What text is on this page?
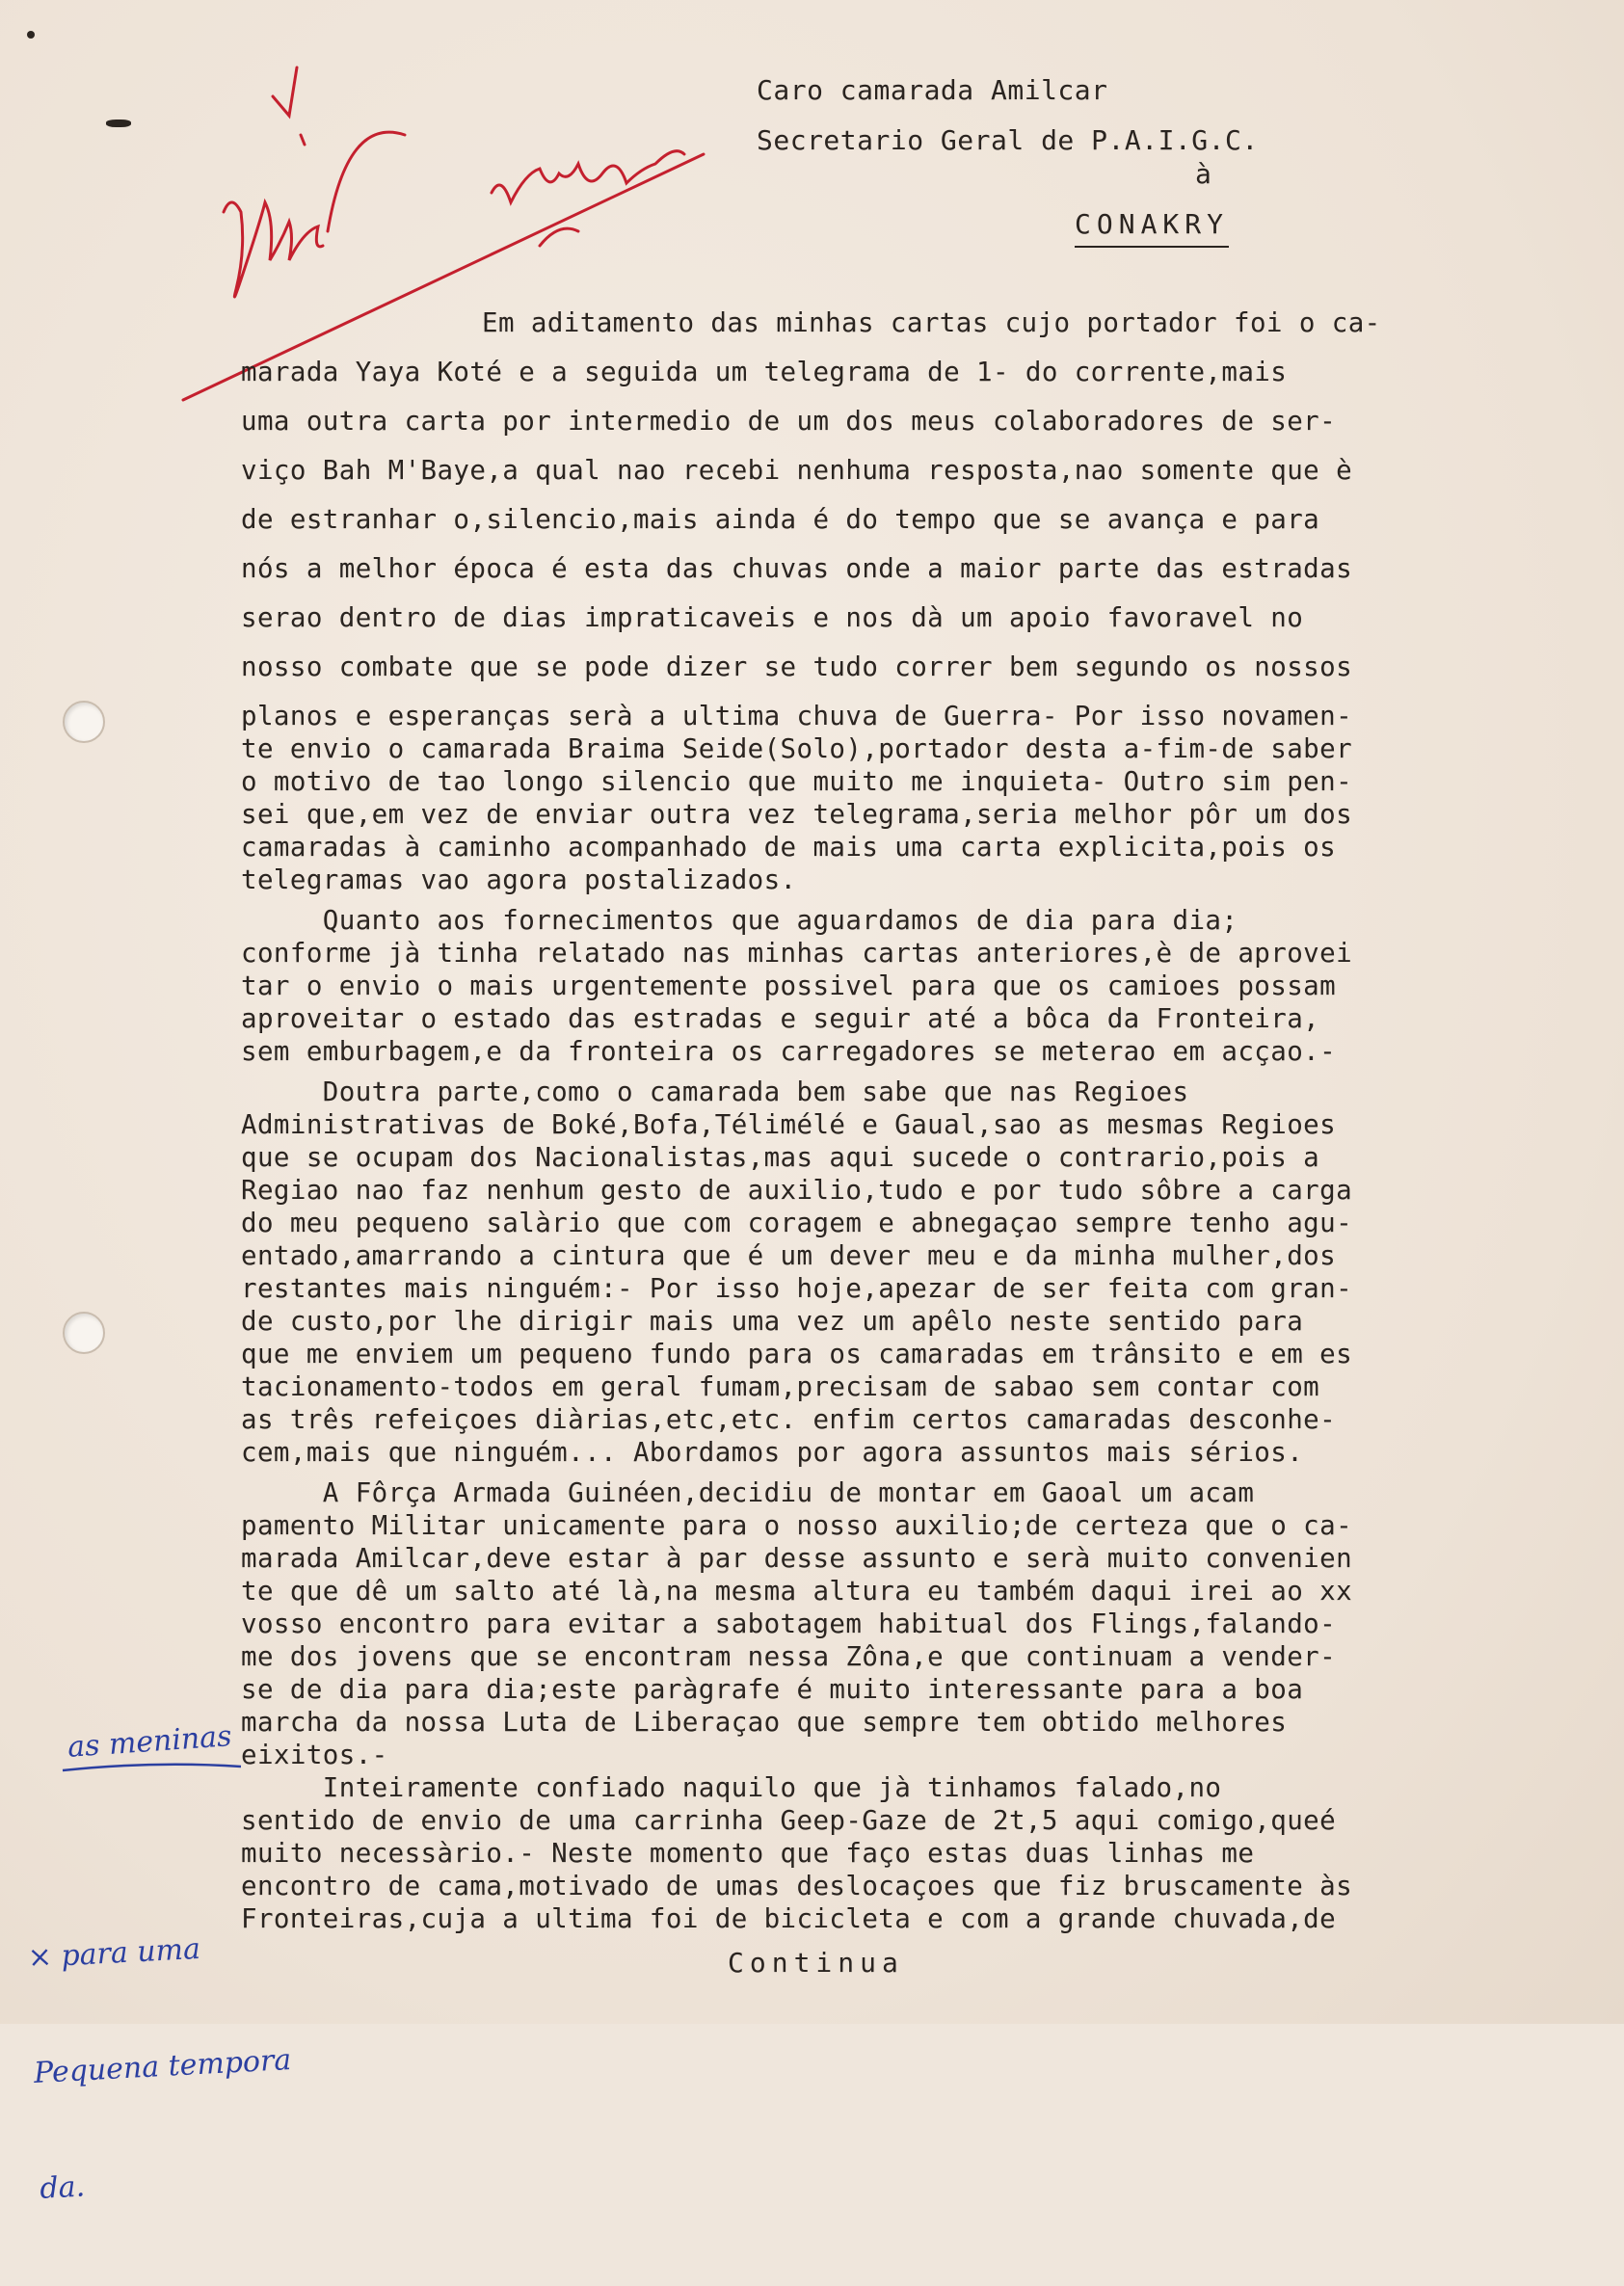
Caro camarada Amilcar
Secretario Geral de P.A.I.G.C.
à
CONAKRY
Em aditamento das minhas cartas cujo portador foi o ca-
marada Yaya Koté e a seguida um telegrama de 1- do corrente,mais
uma outra carta por intermedio de um dos meus colaboradores de ser-
viço Bah M'Baye,a qual nao recebi nenhuma resposta,nao somente que è
de estranhar o,silencio,mais ainda é do tempo que se avança e para
nós a melhor época é esta das chuvas onde a maior parte das estradas
serao dentro de dias impraticaveis e nos dà um apoio favoravel no
nosso combate que se pode dizer se tudo correr bem segundo os nossos
planos e esperanças serà a ultima chuva de Guerra- Por isso novamen-
te envio o camarada Braima Seide(Solo),portador desta a-fim-de saber
o motivo de tao longo silencio que muito me inquieta- Outro sim pen-
sei que,em vez de enviar outra vez telegrama,seria melhor pôr um dos
camaradas à caminho acompanhado de mais uma carta explicita,pois os
telegramas vao agora postalizados.
Quanto aos fornecimentos que aguardamos de dia para dia;
conforme jà tinha relatado nas minhas cartas anteriores,è de aprovei
tar o envio o mais urgentemente possivel para que os camioes possam
aproveitar o estado das estradas e seguir até a bôca da Fronteira,
sem emburbagem,e da fronteira os carregadores se meterao em acçao.-
Doutra parte,como o camarada bem sabe que nas Regioes
Administrativas de Boké,Bofa,Télimélé e Gaual,sao as mesmas Regioes
que se ocupam dos Nacionalistas,mas aqui sucede o contrario,pois a
Regiao nao faz nenhum gesto de auxilio,tudo e por tudo sôbre a carga
do meu pequeno salàrio que com coragem e abnegaçao sempre tenho agu-
entado,amarrando a cintura que é um dever meu e da minha mulher,dos
restantes mais ninguém:- Por isso hoje,apezar de ser feita com gran-
de custo,por lhe dirigir mais uma vez um apêlo neste sentido para
que me enviem um pequeno fundo para os camaradas em trânsito e em es
tacionamento-todos em geral fumam,precisam de sabao sem contar com
as três refeiçoes diàrias,etc,etc. enfim certos camaradas desconhe-
cem,mais que ninguém... Abordamos por agora assuntos mais sérios.
A Fôrça Armada Guinéen,decidiu de montar em Gaoal um acam
pamento Militar unicamente para o nosso auxilio;de certeza que o ca-
marada Amilcar,deve estar à par desse assunto e serà muito convenien
te que dê um salto até là,na mesma altura eu também daqui irei ao xx
vosso encontro para evitar a sabotagem habitual dos Flings,falando-
me dos jovens que se encontram nessa Zôna,e que continuam a vender-
se de dia para dia;este paràgrafe é muito interessante para a boa
marcha da nossa Luta de Liberaçao que sempre tem obtido melhores
eixitos.-
Inteiramente confiado naquilo que jà tinhamos falado,no
sentido de envio de uma carrinha Geep-Gaze de 2t,5 aqui comigo,queé
muito necessàrio.- Neste momento que faço estas duas linhas me
encontro de cama,motivado de umas deslocaçoes que fiz bruscamente às
Fronteiras,cuja a ultima foi de bicicleta e com a grande chuvada,de
Continua
as meninas

× para uma

Pequena tempora

da.
